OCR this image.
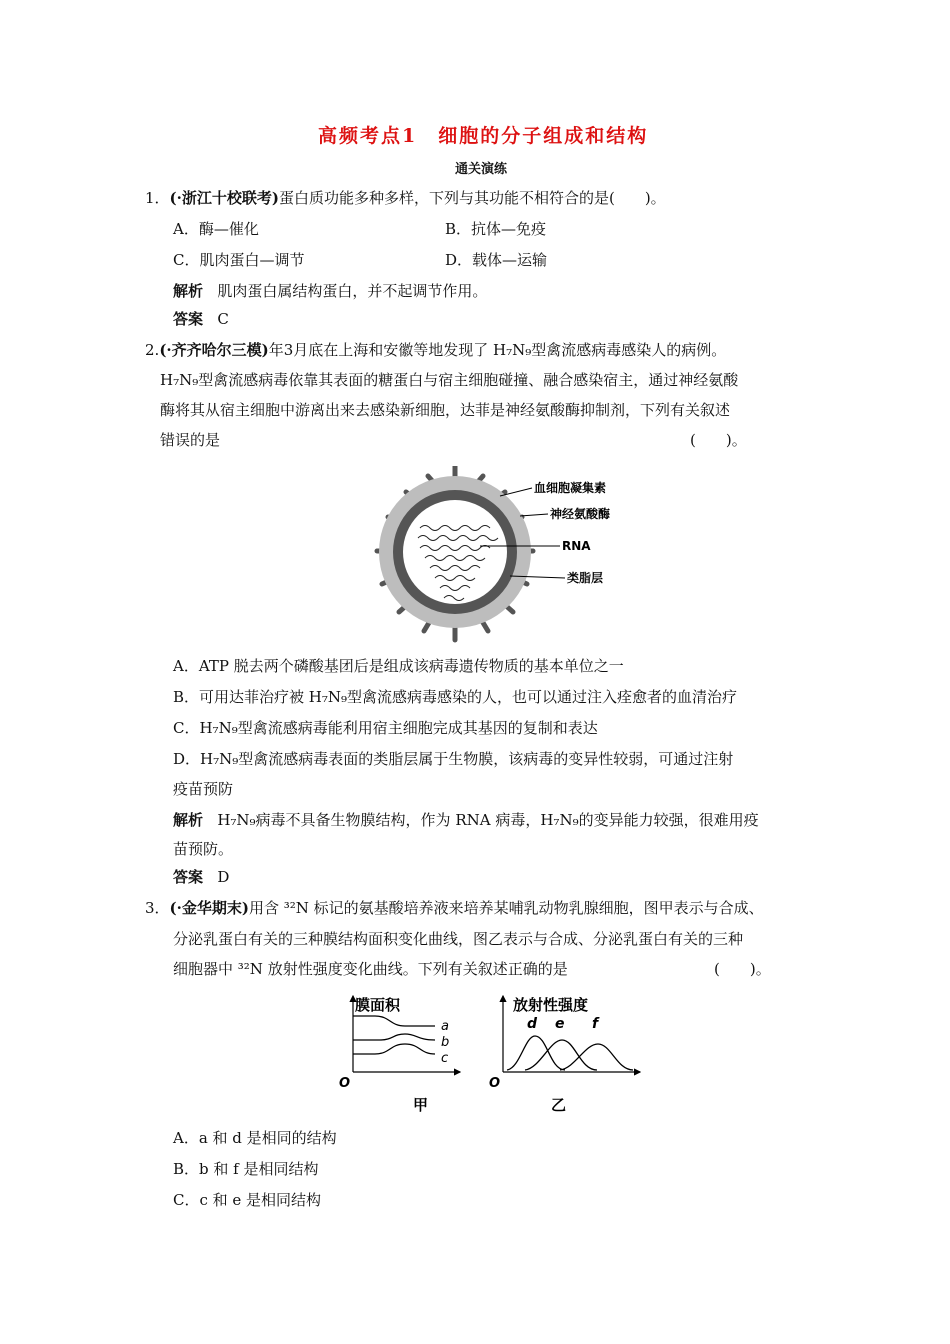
高频考点1　细胞的分子组成和结构
通关演练
1．(·浙江十校联考)蛋白质功能多种多样，下列与其功能不相符合的是(　　)。
A．酶—催化	B．抗体—免疫
C．肌肉蛋白—调节	D．载体—运输
解析 肌肉蛋白属结构蛋白，并不起调节作用。
答案 C
2.(·齐齐哈尔三模)年3月底在上海和安徽等地发现了 H₇N₉型禽流感病毒感染人的病例。
H₇N₉型禽流感病毒依靠其表面的糖蛋白与宿主细胞碰撞、融合感染宿主，通过神经氨酸
酶将其从宿主细胞中游离出来去感染新细胞，达菲是神经氨酸酶抑制剂，下列有关叙述
错误的是	(　　)。
血细胞凝集素
神经氨酸酶
RNA
类脂层
A．ATP 脱去两个磷酸基团后是组成该病毒遗传物质的基本单位之一
B．可用达菲治疗被 H₇N₉型禽流感病毒感染的人，也可以通过注入痊愈者的血清治疗
C．H₇N₉型禽流感病毒能利用宿主细胞完成其基因的复制和表达
D．H₇N₉型禽流感病毒表面的类脂层属于生物膜，该病毒的变异性较弱，可通过注射
疫苗预防
解析 H₇N₉病毒不具备生物膜结构，作为 RNA 病毒，H₇N₉的变异能力较强，很难用疫
苗预防。
答案 D
3．(·金华期末)用含 ³²N 标记的氨基酸培养液来培养某哺乳动物乳腺细胞，图甲表示与合成、
分泌乳蛋白有关的三种膜结构面积变化曲线，图乙表示与合成、分泌乳蛋白有关的三种
细胞器中 ³²N 放射性强度变化曲线。下列有关叙述正确的是	(　　)。
膜面积
O
a
b
c
甲
放射性强度
O
d e f
乙
A．a 和 d 是相同的结构
B．b 和 f 是相同结构
C．c 和 e 是相同结构
